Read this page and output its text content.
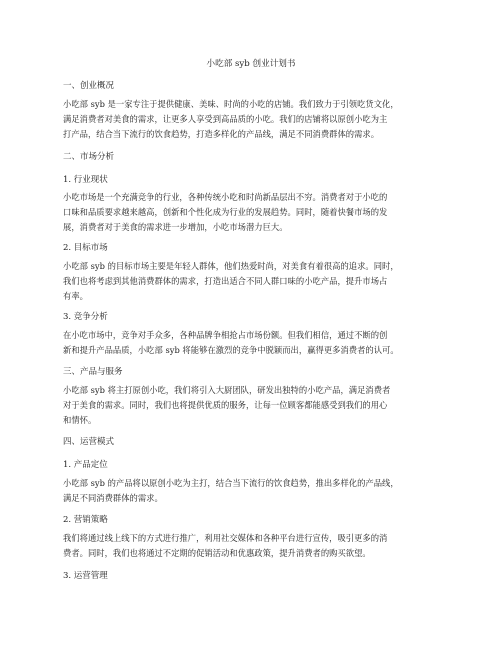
小吃部 syb 创业计划书
一、创业概况
小吃部 syb 是一家专注于提供健康、美味、时尚的小吃的店铺。我们致力于引领吃货文化，
满足消费者对美食的需求，让更多人享受到高品质的小吃。我们的店铺将以原创小吃为主
打产品，结合当下流行的饮食趋势，打造多样化的产品线，满足不同消费群体的需求。
二、市场分析
1. 行业现状
小吃市场是一个充满竞争的行业，各种传统小吃和时尚新品层出不穷。消费者对于小吃的
口味和品质要求越来越高，创新和个性化成为行业的发展趋势。同时，随着快餐市场的发
展，消费者对于美食的需求进一步增加，小吃市场潜力巨大。
2. 目标市场
小吃部 syb 的目标市场主要是年轻人群体，他们热爱时尚，对美食有着很高的追求。同时，
我们也将考虑到其他消费群体的需求，打造出适合不同人群口味的小吃产品，提升市场占
有率。
3. 竞争分析
在小吃市场中，竞争对手众多，各种品牌争相抢占市场份额。但我们相信，通过不断的创
新和提升产品品质，小吃部 syb 将能够在激烈的竞争中脱颖而出，赢得更多消费者的认可。
三、产品与服务
小吃部 syb 将主打原创小吃，我们将引入大厨团队，研发出独特的小吃产品，满足消费者
对于美食的需求。同时，我们也将提供优质的服务，让每一位顾客都能感受到我们的用心
和情怀。
四、运营模式
1. 产品定位
小吃部 syb 的产品将以原创小吃为主打，结合当下流行的饮食趋势，推出多样化的产品线，
满足不同消费群体的需求。
2. 营销策略
我们将通过线上线下的方式进行推广，利用社交媒体和各种平台进行宣传，吸引更多的消
费者。同时，我们也将通过不定期的促销活动和优惠政策，提升消费者的购买欲望。
3. 运营管理
